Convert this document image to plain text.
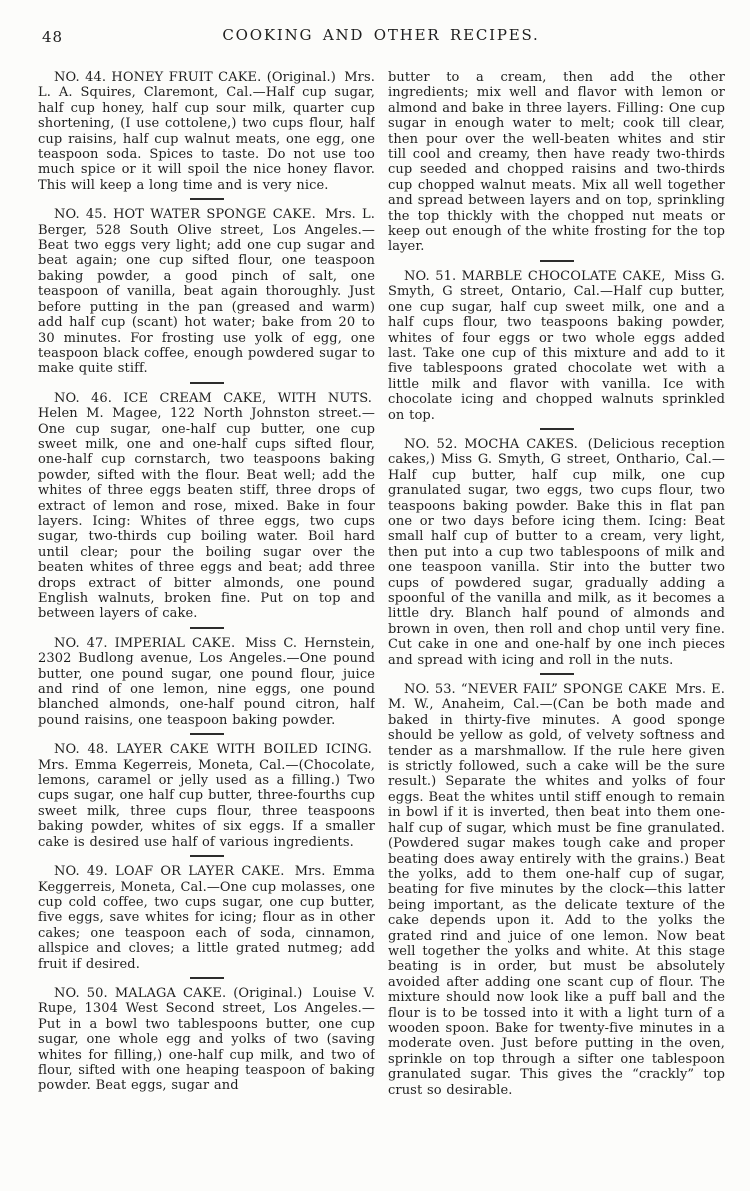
48	COOKING AND OTHER RECIPES.

NO. 44. HONEY FRUIT CAKE. (Original.) Mrs. L. A. Squires, Claremont, Cal.—Half cup sugar, half cup honey, half cup sour milk, quarter cup shortening, (I use cottolene,) two cups flour, half cup raisins, half cup walnut meats, one egg, one teaspoon soda. Spices to taste. Do not use too much spice or it will spoil the nice honey flavor. This will keep a long time and is very nice.

NO. 45. HOT WATER SPONGE CAKE. Mrs. L. Berger, 528 South Olive street, Los Angeles.—Beat two eggs very light; add one cup sugar and beat again; one cup sifted flour, one teaspoon baking powder, a good pinch of salt, one teaspoon of vanilla, beat again thoroughly. Just before putting in the pan (greased and warm) add half cup (scant) hot water; bake from 20 to 30 minutes. For frosting use yolk of egg, one teaspoon black coffee, enough powdered sugar to make quite stiff.

NO. 46. ICE CREAM CAKE, WITH NUTS. Helen M. Magee, 122 North Johnston street.—One cup sugar, one-half cup butter, one cup sweet milk, one and one-half cups sifted flour, one-half cup cornstarch, two teaspoons baking powder, sifted with the flour. Beat well; add the whites of three eggs beaten stiff, three drops of extract of lemon and rose, mixed. Bake in four layers. Icing: Whites of three eggs, two cups sugar, two-thirds cup boiling water. Boil hard until clear; pour the boiling sugar over the beaten whites of three eggs and beat; add three drops extract of bitter almonds, one pound English walnuts, broken fine. Put on top and between layers of cake.

NO. 47. IMPERIAL CAKE. Miss C. Hernstein, 2302 Budlong avenue, Los Angeles.—One pound butter, one pound sugar, one pound flour, juice and rind of one lemon, nine eggs, one pound blanched almonds, one-half pound citron, half pound raisins, one teaspoon baking powder.

NO. 48. LAYER CAKE WITH BOILED ICING. Mrs. Emma Kegerreis, Moneta, Cal.—(Chocolate, lemons, caramel or jelly used as a filling.) Two cups sugar, one half cup butter, three-fourths cup sweet milk, three cups flour, three teaspoons baking powder, whites of six eggs. If a smaller cake is desired use half of various ingredients.

NO. 49. LOAF OR LAYER CAKE. Mrs. Emma Keggerreis, Moneta, Cal.—One cup molasses, one cup cold coffee, two cups sugar, one cup butter, five eggs, save whites for icing; flour as in other cakes; one teaspoon each of soda, cinnamon, allspice and cloves; a little grated nutmeg; add fruit if desired.

NO. 50. MALAGA CAKE. (Original.) Louise V. Rupe, 1304 West Second street, Los Angeles.—Put in a bowl two tablespoons butter, one cup sugar, one whole egg and yolks of two (saving whites for filling,) one-half cup milk, and two of flour, sifted with one heaping teaspoon of baking powder. Beat eggs, sugar and

butter to a cream, then add the other ingredients; mix well and flavor with lemon or almond and bake in three layers. Filling: One cup sugar in enough water to melt; cook till clear, then pour over the well-beaten whites and stir till cool and creamy, then have ready two-thirds cup seeded and chopped raisins and two-thirds cup chopped walnut meats. Mix all well together and spread between layers and on top, sprinkling the top thickly with the chopped nut meats or keep out enough of the white frosting for the top layer.

NO. 51. MARBLE CHOCOLATE CAKE, Miss G. Smyth, G street, Ontario, Cal.—Half cup butter, one cup sugar, half cup sweet milk, one and a half cups flour, two teaspoons baking powder, whites of four eggs or two whole eggs added last. Take one cup of this mixture and add to it five tablespoons grated chocolate wet with a little milk and flavor with vanilla. Ice with chocolate icing and chopped walnuts sprinkled on top.

NO. 52. MOCHA CAKES. (Delicious reception cakes,) Miss G. Smyth, G street, Onthario, Cal.—Half cup butter, half cup milk, one cup granulated sugar, two eggs, two cups flour, two teaspoons baking powder. Bake this in flat pan one or two days before icing them. Icing: Beat small half cup of butter to a cream, very light, then put into a cup two tablespoons of milk and one teaspoon vanilla. Stir into the butter two cups of powdered sugar, gradually adding a spoonful of the vanilla and milk, as it becomes a little dry. Blanch half pound of almonds and brown in oven, then roll and chop until very fine. Cut cake in one and one-half by one inch pieces and spread with icing and roll in the nuts.

NO. 53. “NEVER FAIL” SPONGE CAKE Mrs. E. M. W., Anaheim, Cal.—(Can be both made and baked in thirty-five minutes. A good sponge should be yellow as gold, of velvety softness and tender as a marshmallow. If the rule here given is strictly followed, such a cake will be the sure result.) Separate the whites and yolks of four eggs. Beat the whites until stiff enough to remain in bowl if it is inverted, then beat into them one-half cup of sugar, which must be fine granulated. (Powdered sugar makes tough cake and proper beating does away entirely with the grains.) Beat the yolks, add to them one-half cup of sugar, beating for five minutes by the clock—this latter being important, as the delicate texture of the cake depends upon it. Add to the yolks the grated rind and juice of one lemon. Now beat well together the yolks and white. At this stage beating is in order, but must be absolutely avoided after adding one scant cup of flour. The mixture should now look like a puff ball and the flour is to be tossed into it with a light turn of a wooden spoon. Bake for twenty-five minutes in a moderate oven. Just before putting in the oven, sprinkle on top through a sifter one tablespoon granulated sugar. This gives the “crackly” top crust so desirable.
